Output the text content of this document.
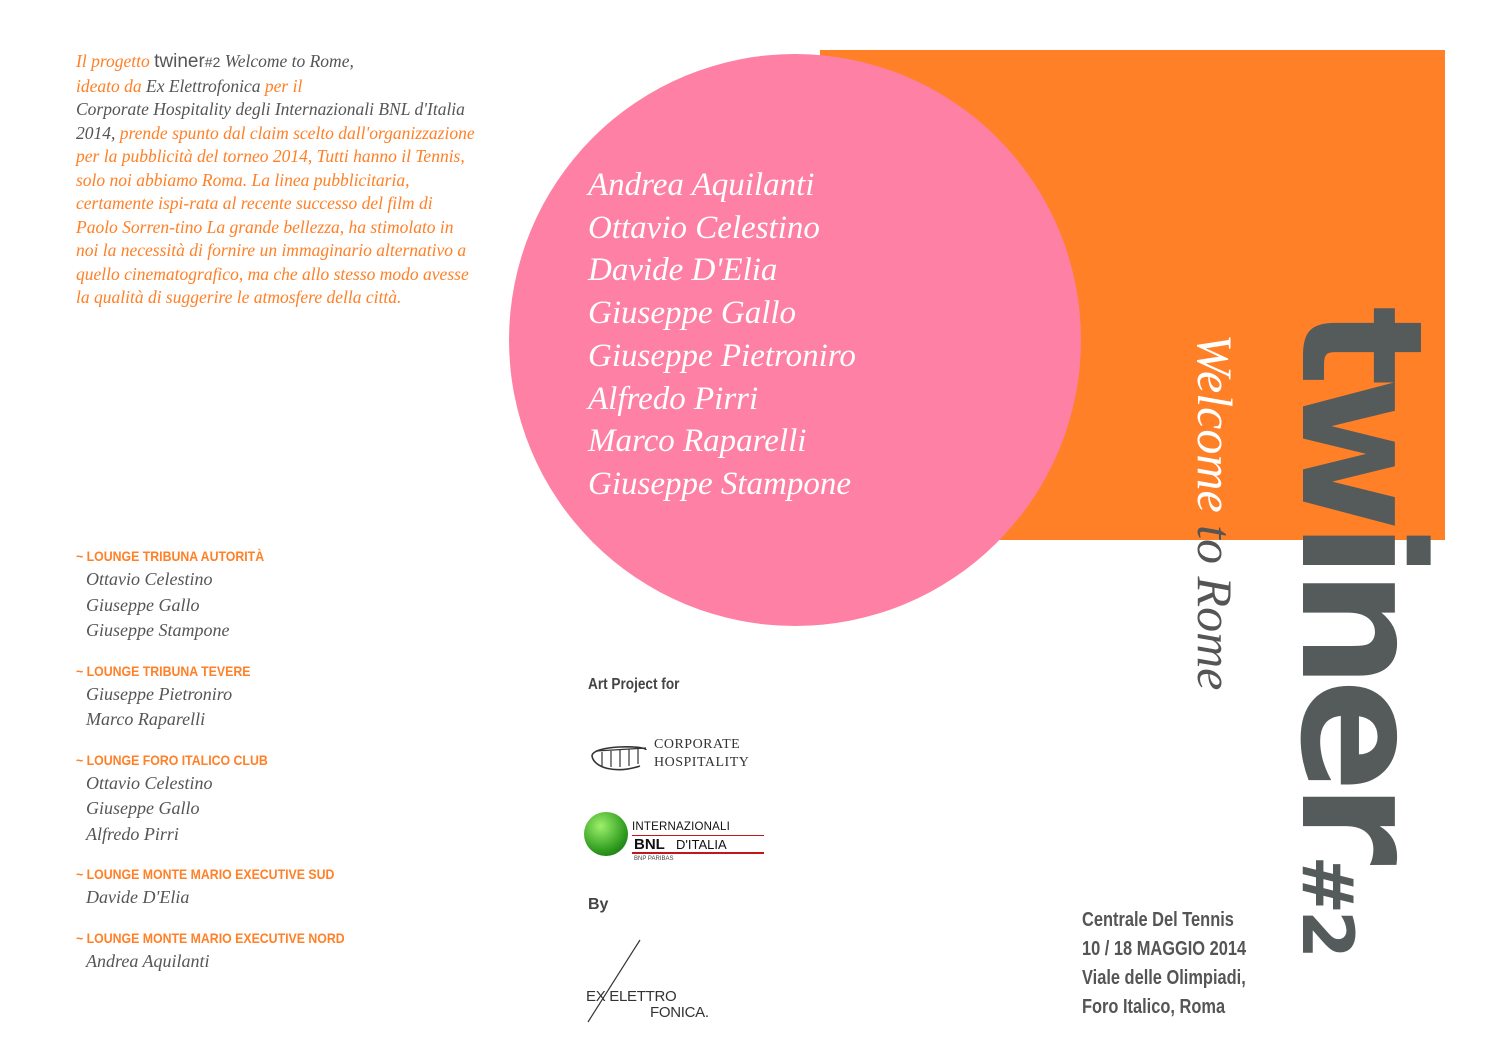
Il progetto twiner#2 Welcome to Rome,
ideato da Ex Elettrofonica per il
Corporate Hospitality degli Internazionali BNL d'Italia 2014, prende spunto dal claim scelto dall'organizzazione per la pubblicità del torneo 2014, Tutti hanno il Tennis, solo noi abbiamo Roma. La linea pubblicitaria, certamente ispi-rata al recente successo del film di Paolo Sorren-tino La grande bellezza, ha stimolato in noi la necessità di fornire un immaginario alternativo a quello cinematografico, ma che allo stesso modo avesse la qualità di suggerire le atmosfere della città.

Andrea Aquilanti
Ottavio Celestino
Davide D'Elia
Giuseppe Gallo
Giuseppe Pietroniro
Alfredo Pirri
Marco Raparelli
Giuseppe Stampone
~ LOUNGE TRIBUNA AUTORITÀ
Ottavio Celestino
Giuseppe Gallo
Giuseppe Stampone
~ LOUNGE TRIBUNA TEVERE
Giuseppe Pietroniro
Marco Raparelli
~ LOUNGE FORO ITALICO CLUB
Ottavio Celestino
Giuseppe Gallo
Alfredo Pirri
~ LOUNGE MONTE MARIO EXECUTIVE SUD
Davide D'Elia
~ LOUNGE MONTE MARIO EXECUTIVE NORD
Andrea Aquilanti
Art Project for
CORPORATE
HOSPITALITY
INTERNAZIONALI
BNL D'ITALIA
BNP PARIBAS
By
EX ELETTRO
FONICA.
Centrale Del Tennis
10 / 18 MAGGIO 2014
Viale delle Olimpiadi,
Foro Italico, Roma
twiner#2
Welcome to Rome
